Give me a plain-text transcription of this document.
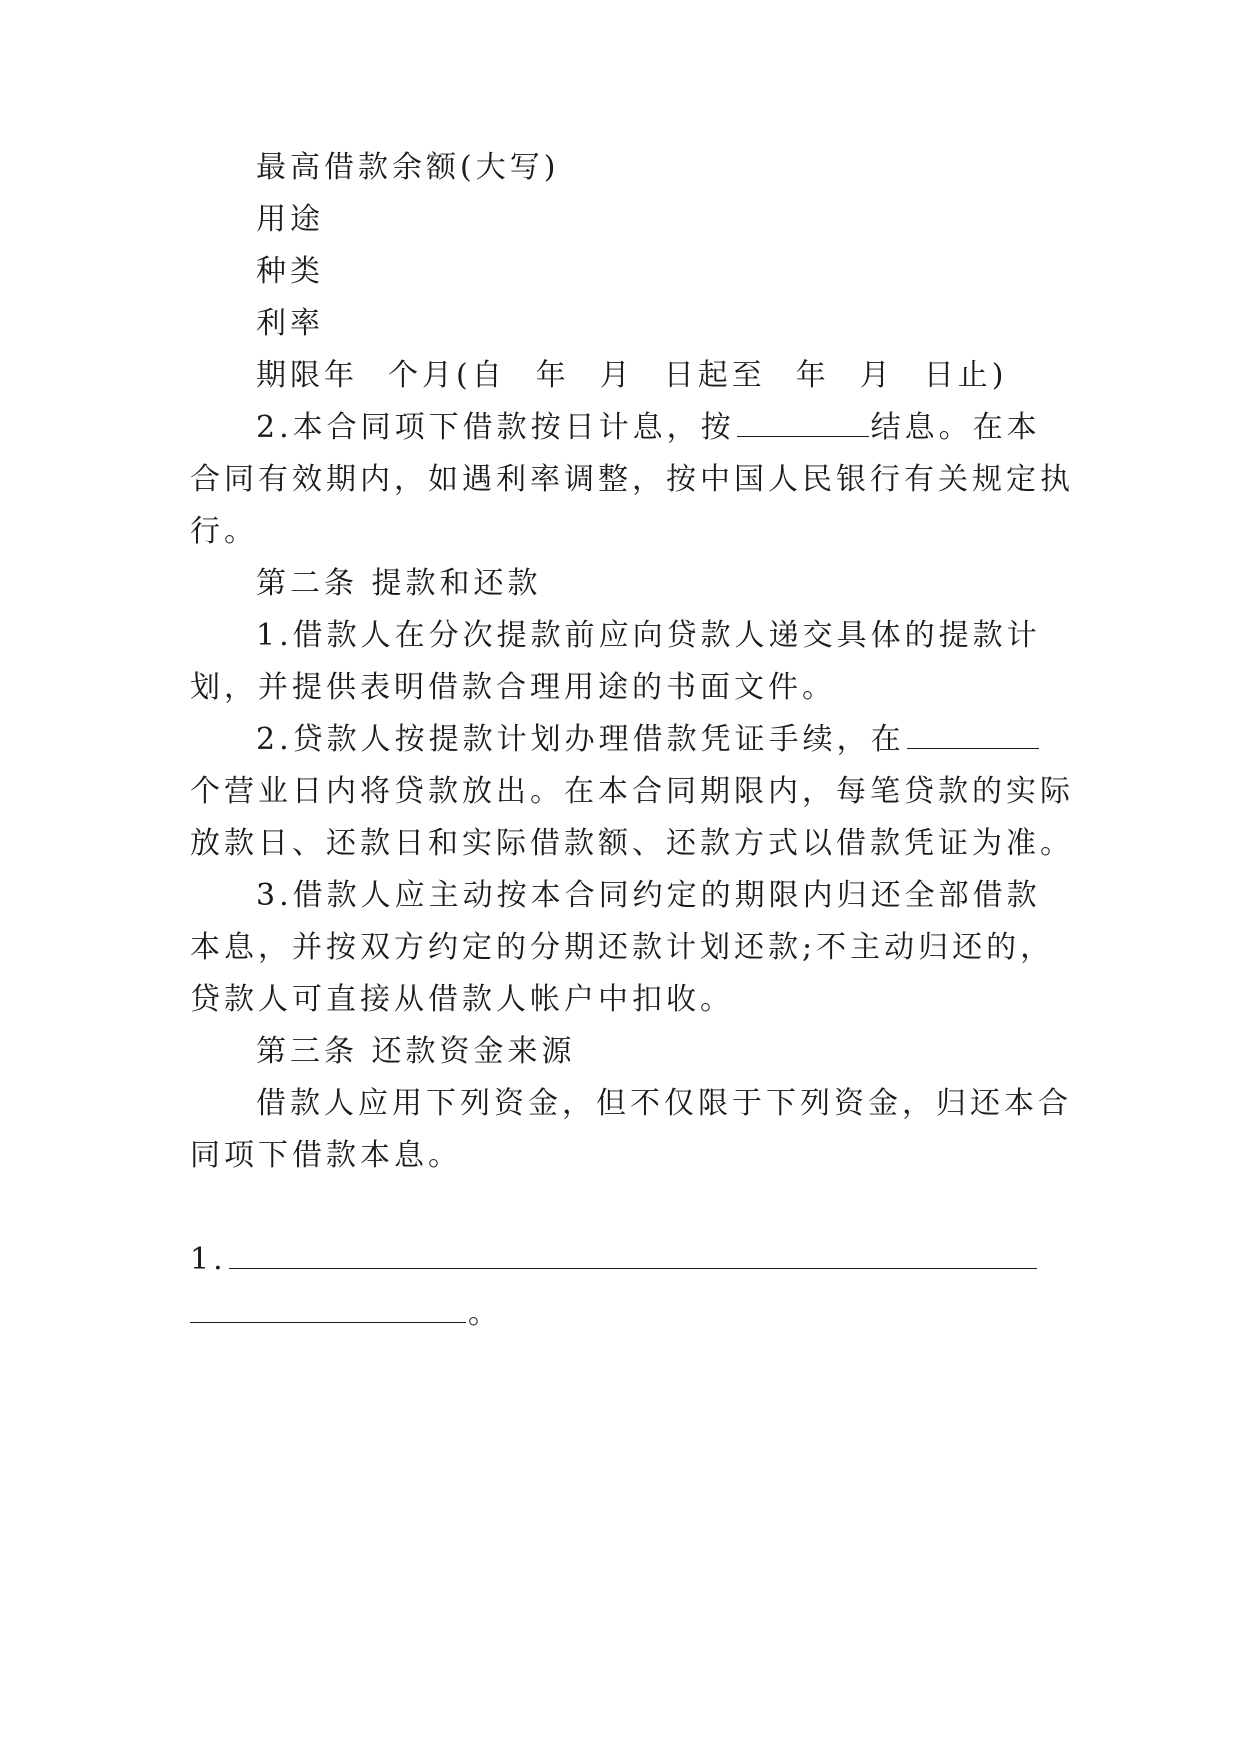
最高借款余额(大写)
用途
种类
利率
期限年 个月(自 年 月 日起至 年 月 日止)
2.本合同项下借款按日计息，按	结息。在本
合同有效期内，如遇利率调整，按中国人民银行有关规定执
行。
第二条 提款和还款
1.借款人在分次提款前应向贷款人递交具体的提款计
划，并提供表明借款合理用途的书面文件。
2.贷款人按提款计划办理借款凭证手续，在
个营业日内将贷款放出。在本合同期限内，每笔贷款的实际
放款日、还款日和实际借款额、还款方式以借款凭证为准。
3.借款人应主动按本合同约定的期限内归还全部借款
本息，并按双方约定的分期还款计划还款;不主动归还的，
贷款人可直接从借款人帐户中扣收。
第三条 还款资金来源
借款人应用下列资金，但不仅限于下列资金，归还本合
同项下借款本息。
1.
。
